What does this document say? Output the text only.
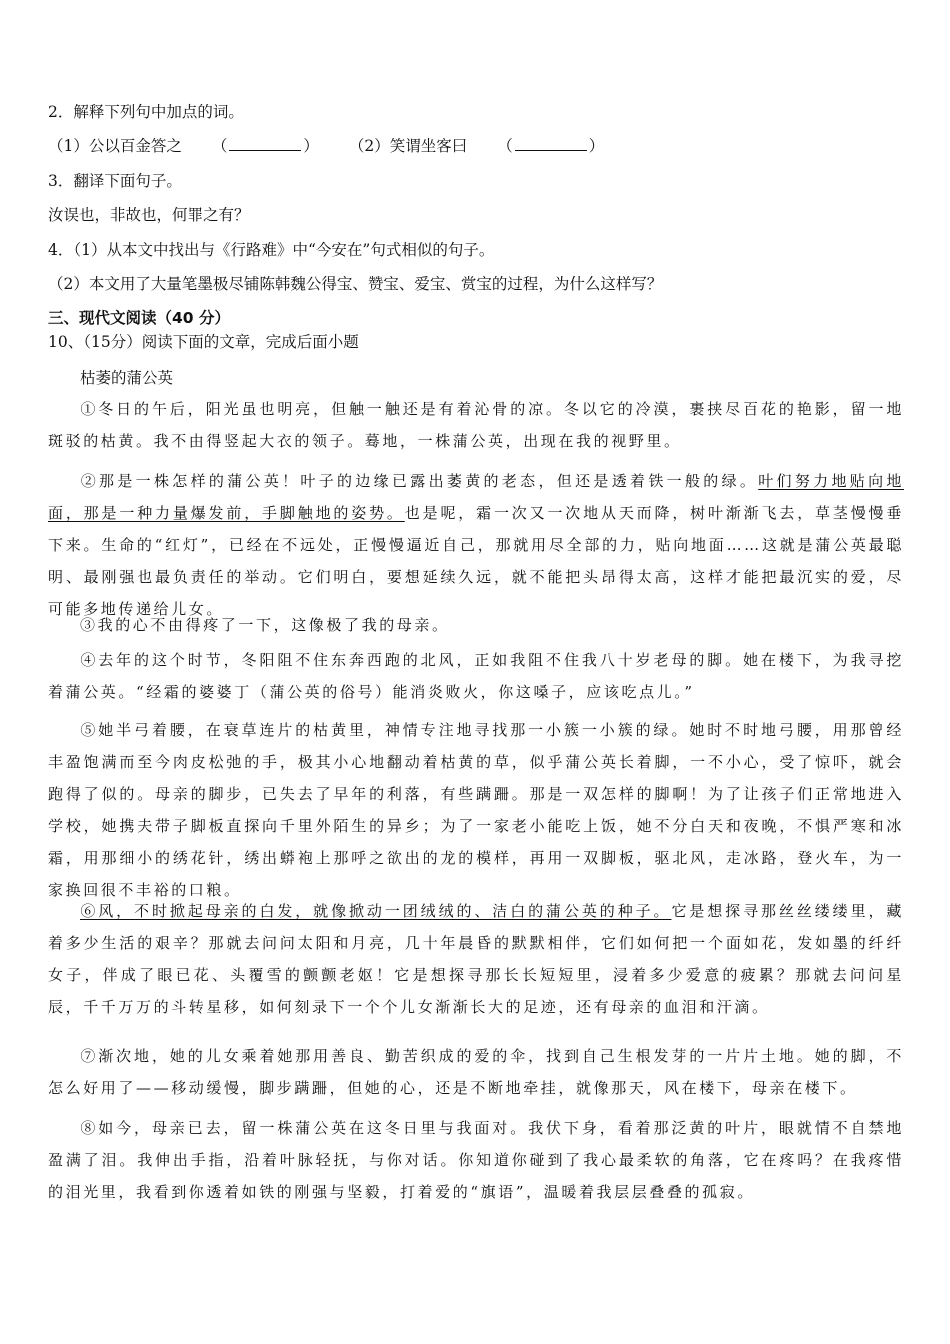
2．解释下列句中加点的词。
（1）公以百金答之 （	） （2）笑谓坐客曰 （	）
3．翻译下面句子。
汝误也，非故也，何罪之有？
4．（1）从本文中找出与《行路难》中“今安在”句式相似的句子。
（2）本文用了大量笔墨极尽铺陈韩魏公得宝、赞宝、爱宝、赏宝的过程，为什么这样写？
三、现代文阅读（40 分）
10、（15分）阅读下面的文章，完成后面小题
枯萎的蒲公英
①冬日的午后，阳光虽也明亮，但触一触还是有着沁骨的凉。冬以它的冷漠，裹挟尽百花的艳影，留一地斑驳的枯黄。我不由得竖起大衣的领子。蓦地，一株蒲公英，出现在我的视野里。
②那是一株怎样的蒲公英！叶子的边缘已露出萎黄的老态，但还是透着铁一般的绿。叶们努力地贴向地面，那是一种力量爆发前，手脚触地的姿势。也是呢，霜一次又一次地从天而降，树叶渐渐飞去，草茎慢慢垂下来。生命的“红灯”，已经在不远处，正慢慢逼近自己，那就用尽全部的力，贴向地面……这就是蒲公英最聪明、最刚强也最负责任的举动。它们明白，要想延续久远，就不能把头昂得太高，这样才能把最沉实的爱，尽可能多地传递给儿女。
③我的心不由得疼了一下，这像极了我的母亲。
④去年的这个时节，冬阳阻不住东奔西跑的北风，正如我阻不住我八十岁老母的脚。她在楼下，为我寻挖着蒲公英。“经霜的婆婆丁（蒲公英的俗号）能消炎败火，你这嗓子，应该吃点儿。”
⑤她半弓着腰，在衰草连片的枯黄里，神情专注地寻找那一小簇一小簇的绿。她时不时地弓腰，用那曾经丰盈饱满而至今肉皮松弛的手，极其小心地翻动着枯黄的草，似乎蒲公英长着脚，一不小心，受了惊吓，就会跑得了似的。母亲的脚步，已失去了早年的利落，有些蹒跚。那是一双怎样的脚啊！为了让孩子们正常地进入学校，她携夫带子脚板直探向千里外陌生的异乡；为了一家老小能吃上饭，她不分白天和夜晚，不惧严寒和冰霜，用那细小的绣花针，绣出蟒袍上那呼之欲出的龙的模样，再用一双脚板，驱北风，走冰路，登火车，为一家换回很不丰裕的口粮。
⑥风，不时掀起母亲的白发，就像掀动一团绒绒的、洁白的蒲公英的种子。它是想探寻那丝丝缕缕里，藏着多少生活的艰辛？那就去问问太阳和月亮，几十年晨昏的默默相伴，它们如何把一个面如花，发如墨的纤纤女子，伴成了眼已花、头覆雪的颤颤老妪！它是想探寻那长长短短里，浸着多少爱意的疲累？那就去问问星辰，千千万万的斗转星移，如何刻录下一个个儿女渐渐长大的足迹，还有母亲的血泪和汗滴。
⑦渐次地，她的儿女乘着她那用善良、勤苦织成的爱的伞，找到自己生根发芽的一片片土地。她的脚，不怎么好用了——移动缓慢，脚步蹒跚，但她的心，还是不断地牵挂，就像那天，风在楼下，母亲在楼下。
⑧如今，母亲已去，留一株蒲公英在这冬日里与我面对。我伏下身，看着那泛黄的叶片，眼就情不自禁地盈满了泪。我伸出手指，沿着叶脉轻抚，与你对话。你知道你碰到了我心最柔软的角落，它在疼吗？在我疼惜的泪光里，我看到你透着如铁的刚强与坚毅，打着爱的“旗语”，温暖着我层层叠叠的孤寂。
